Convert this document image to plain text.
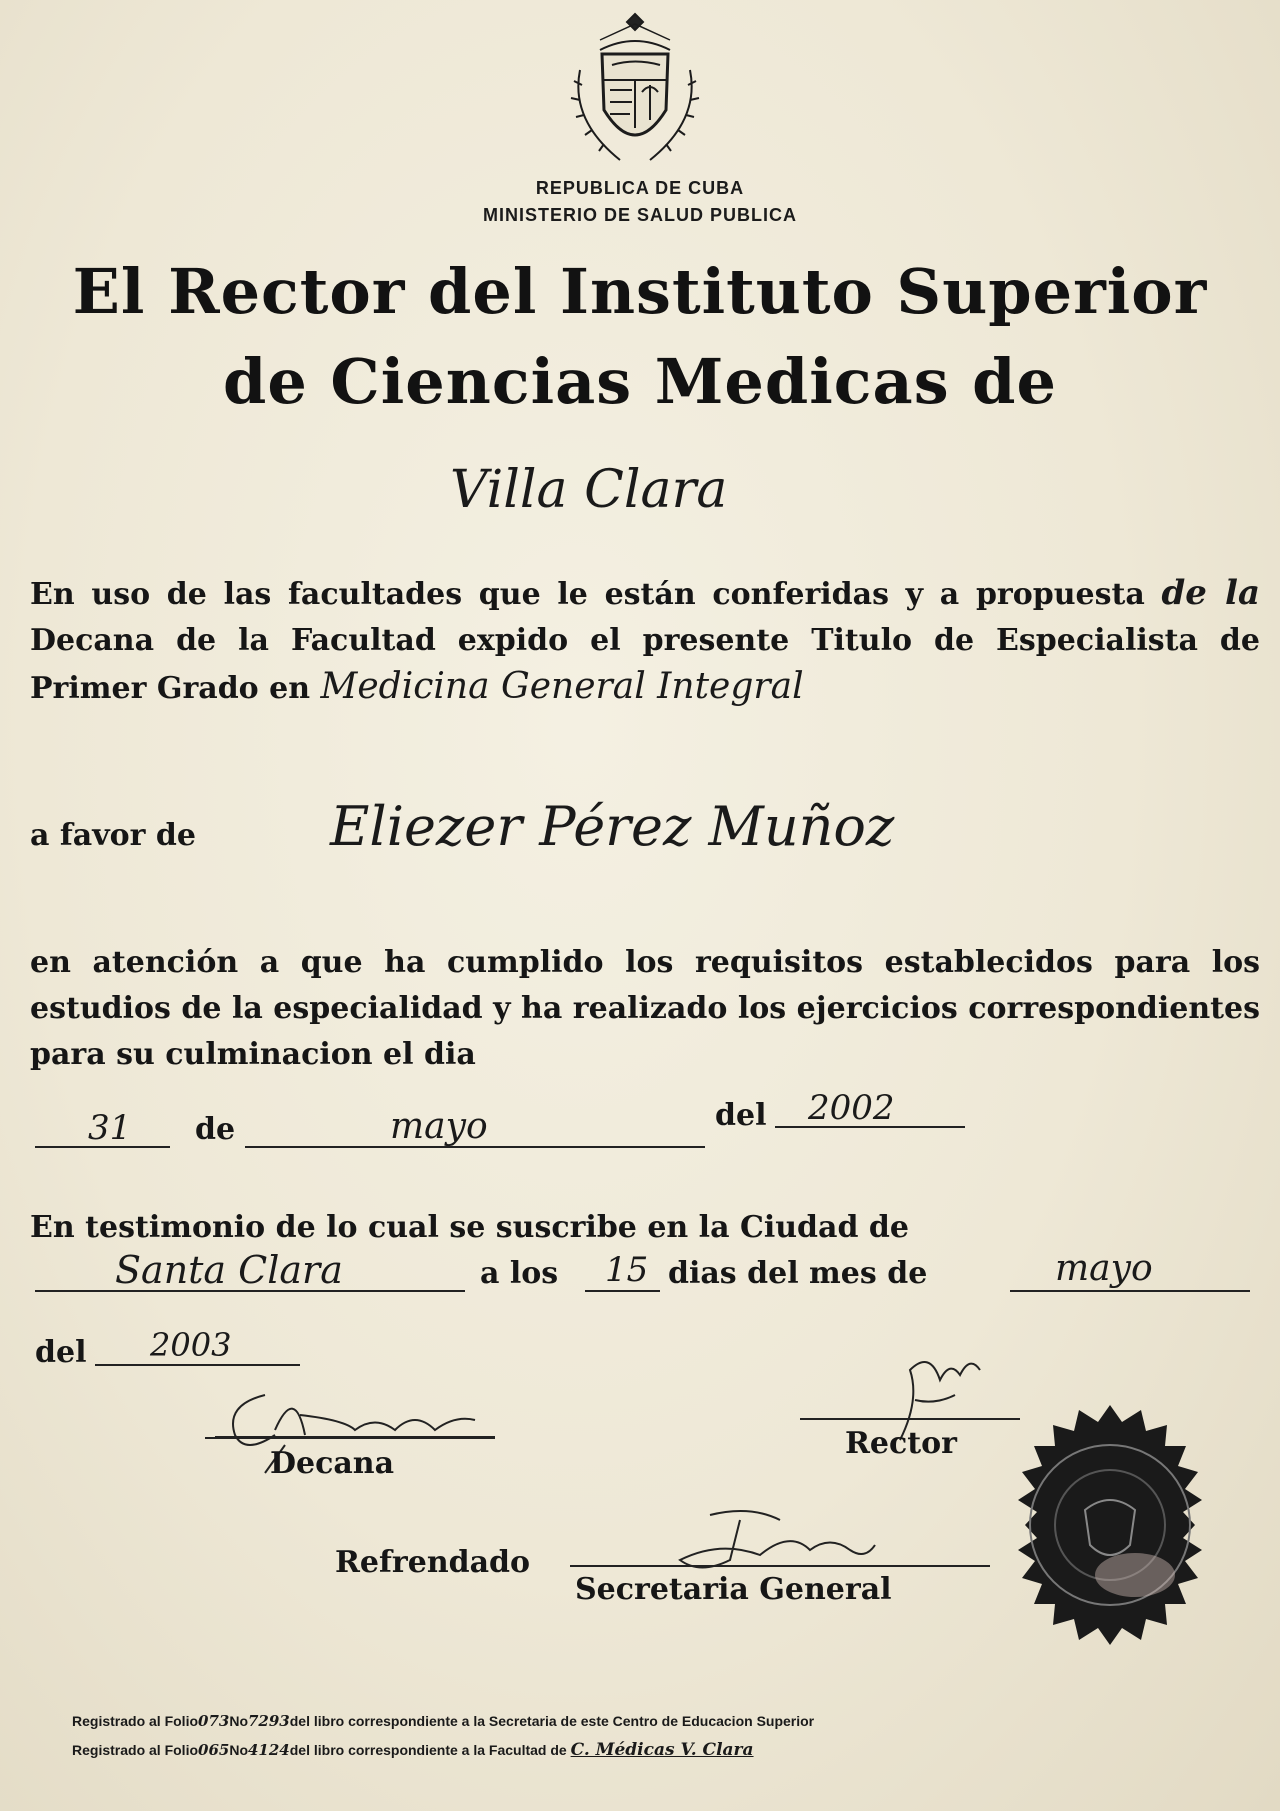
REPUBLICA DE CUBA
MINISTERIO DE SALUD PUBLICA
El Rector del Instituto Superior
de Ciencias Medicas de
Villa Clara
En uso de las facultades que le están conferidas y a propuesta de la Decana de la Facultad expido el presente Titulo de Especialista de Primer Grado en Medicina General Integral
a favor de Eliezer Pérez Muñoz
en atención a que ha cumplido los requisitos establecidos para los estudios de la especialidad y ha realizado los ejercicios correspondientes para su culminacion el dia
31 de	mayo	del 2002
En testimonio de lo cual se suscribe en la Ciudad de
Santa Clara	a los 15 dias del mes de	mayo
del 2003
Decana
Rector
Refrendado
Secretaria General
Registrado al Folio073No7293del libro correspondiente a la Secretaria de este Centro de Educacion Superior
Registrado al Folio065No4124del libro correspondiente a la Facultad de C. Médicas V. Clara
